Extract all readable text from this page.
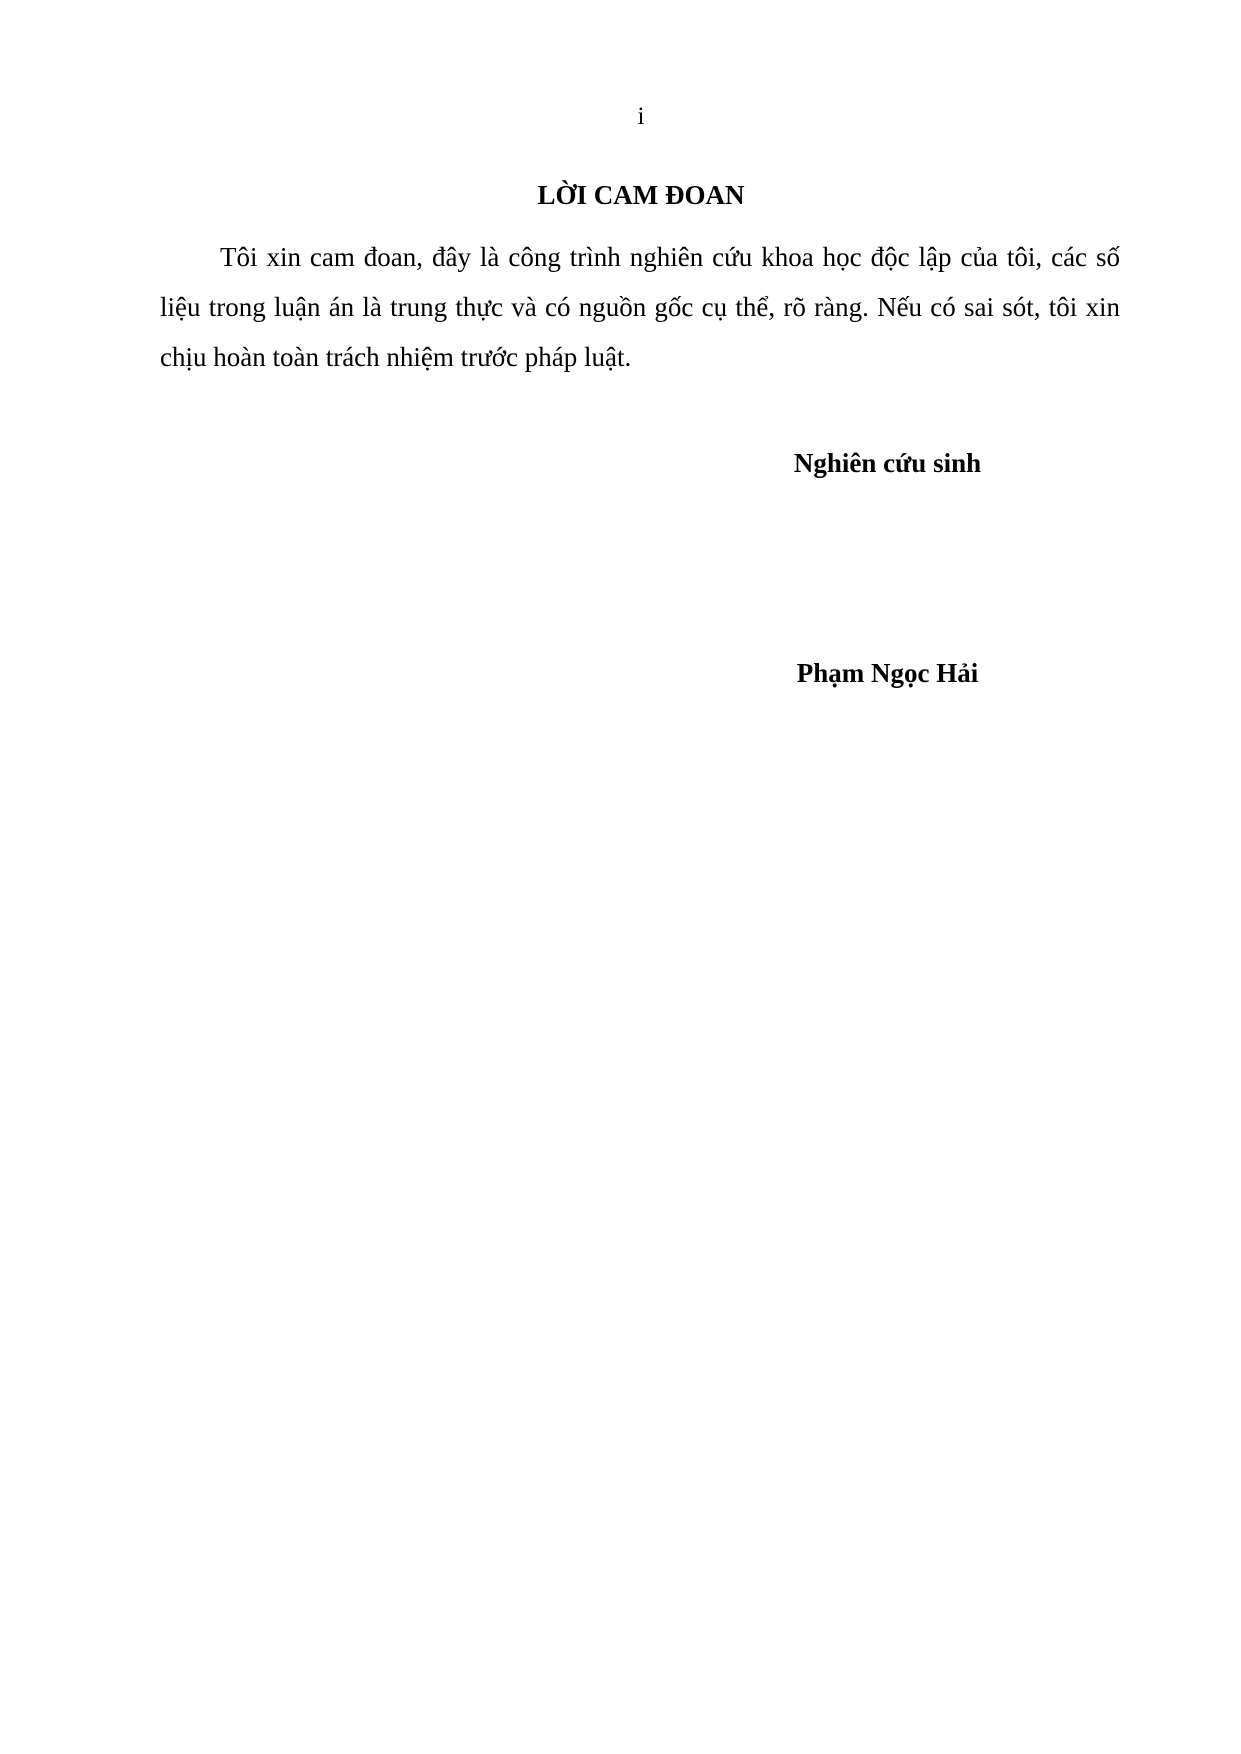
i
LỜI CAM ĐOAN

Tôi xin cam đoan, đây là công trình nghiên cứu khoa học độc lập của tôi, các số liệu trong luận án là trung thực và có nguồn gốc cụ thể, rõ ràng. Nếu có sai sót, tôi xin chịu hoàn toàn trách nhiệm trước pháp luật.

Nghiên cứu sinh
Phạm Ngọc Hải
